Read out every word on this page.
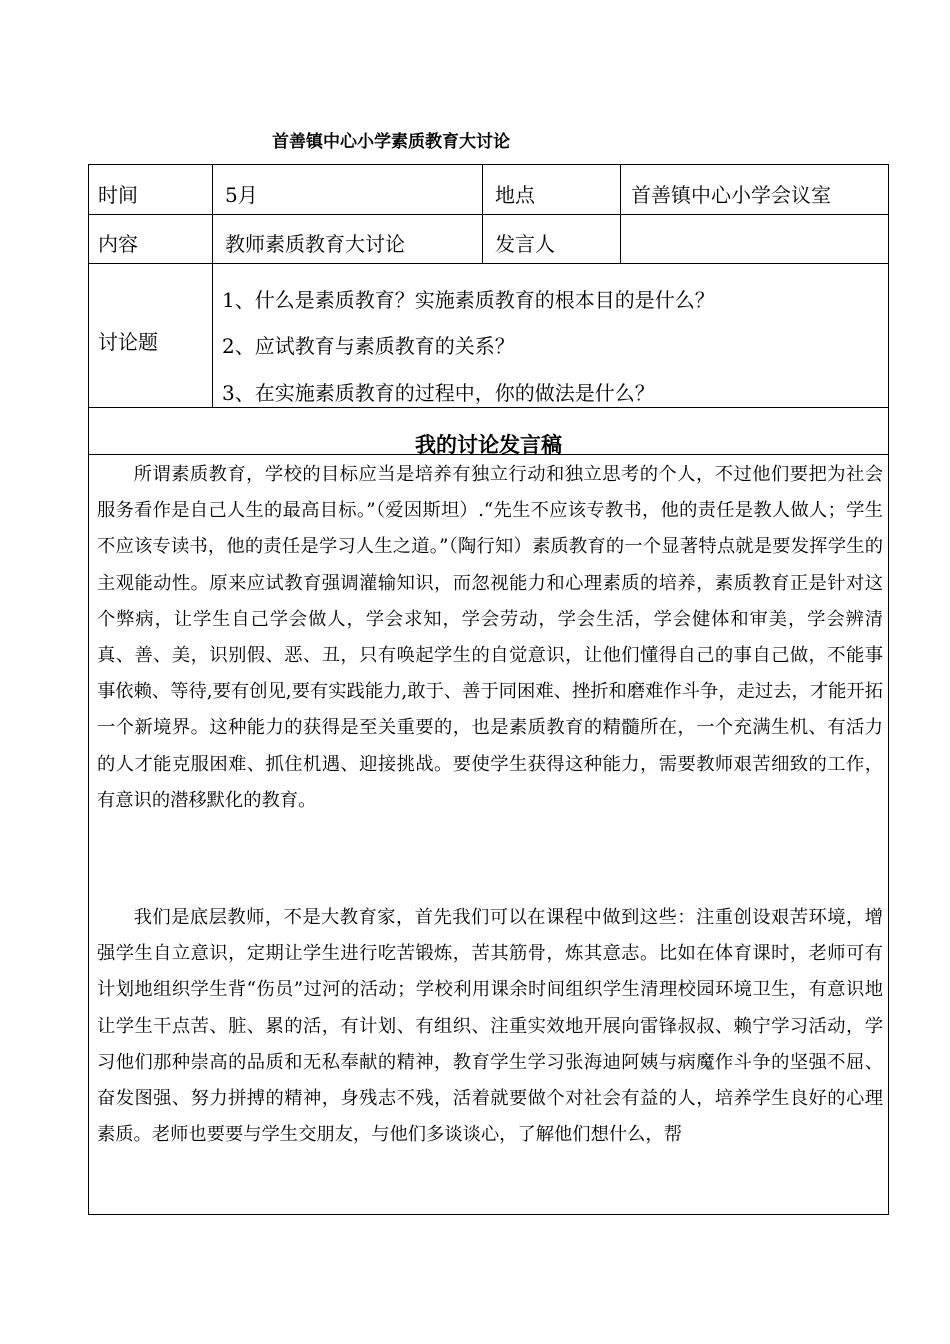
首善镇中心小学素质教育大讨论
时间	5月	地点	首善镇中心小学会议室
内容	教师素质教育大讨论	发言人
讨论题
1、什么是素质教育？实施素质教育的根本目的是什么？
2、应试教育与素质教育的关系？
3、在实施素质教育的过程中，你的做法是什么？
我的讨论发言稿

所谓素质教育，学校的目标应当是培养有独立行动和独立思考的个人，不过他们要把为社会服务看作是自己人生的最高目标。”（爱因斯坦）.“先生不应该专教书，他的责任是教人做人；学生不应该专读书，他的责任是学习人生之道。”（陶行知）素质教育的一个显著特点就是要发挥学生的主观能动性。原来应试教育强调灌输知识，而忽视能力和心理素质的培养，素质教育正是针对这个弊病，让学生自己学会做人，学会求知，学会劳动，学会生活，学会健体和审美，学会辨清真、善、美，识别假、恶、丑，只有唤起学生的自觉意识，让他们懂得自己的事自己做，不能事事依赖、等待,要有创见,要有实践能力,敢于、善于同困难、挫折和磨难作斗争，走过去，才能开拓一个新境界。这种能力的获得是至关重要的，也是素质教育的精髓所在，一个充满生机、有活力的人才能克服困难、抓住机遇、迎接挑战。要使学生获得这种能力，需要教师艰苦细致的工作，有意识的潜移默化的教育。

我们是底层教师，不是大教育家，首先我们可以在课程中做到这些：注重创设艰苦环境，增强学生自立意识，定期让学生进行吃苦锻炼，苦其筋骨，炼其意志。比如在体育课时，老师可有计划地组织学生背“伤员”过河的活动；学校利用课余时间组织学生清理校园环境卫生，有意识地让学生干点苦、脏、累的活，有计划、有组织、注重实效地开展向雷锋叔叔、赖宁学习活动，学习他们那种崇高的品质和无私奉献的精神，教育学生学习张海迪阿姨与病魔作斗争的坚强不屈、奋发图强、努力拼搏的精神，身残志不残，活着就要做个对社会有益的人，培养学生良好的心理素质。老师也要要与学生交朋友，与他们多谈谈心，了解他们想什么，帮
